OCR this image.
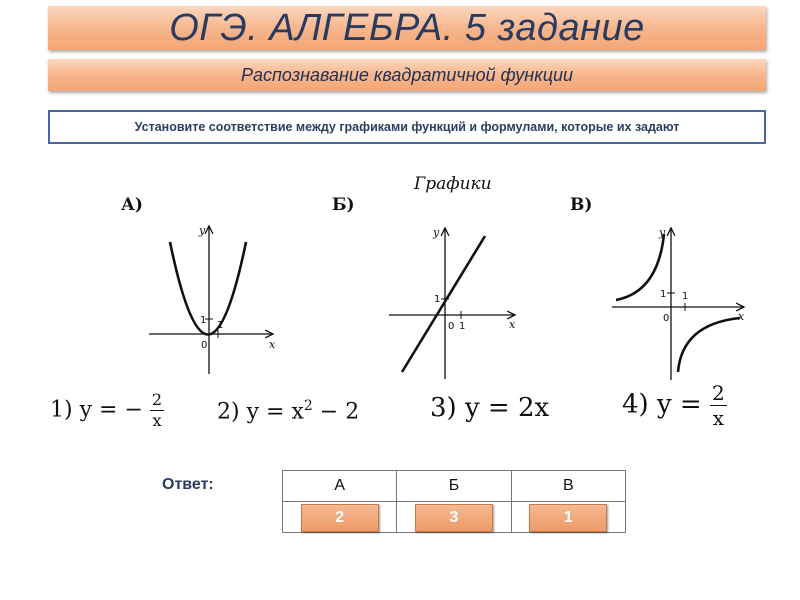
ОГЭ. АЛГЕБРА. 5 задание
Распознавание квадратичной функции
Установите соответствие между графиками функций и формулами, которые их задают
Графики
А)	Б)	В)
y
x
1 1
0
y
x
1
1
0
y
x
1 1
0
1) y = − $\frac{2}{x} 2$) $y = x^2 - 2$	3) y = 2x	4) $y = \frac{2}{x}$
Ответ:	А	Б	В
2	3	1
